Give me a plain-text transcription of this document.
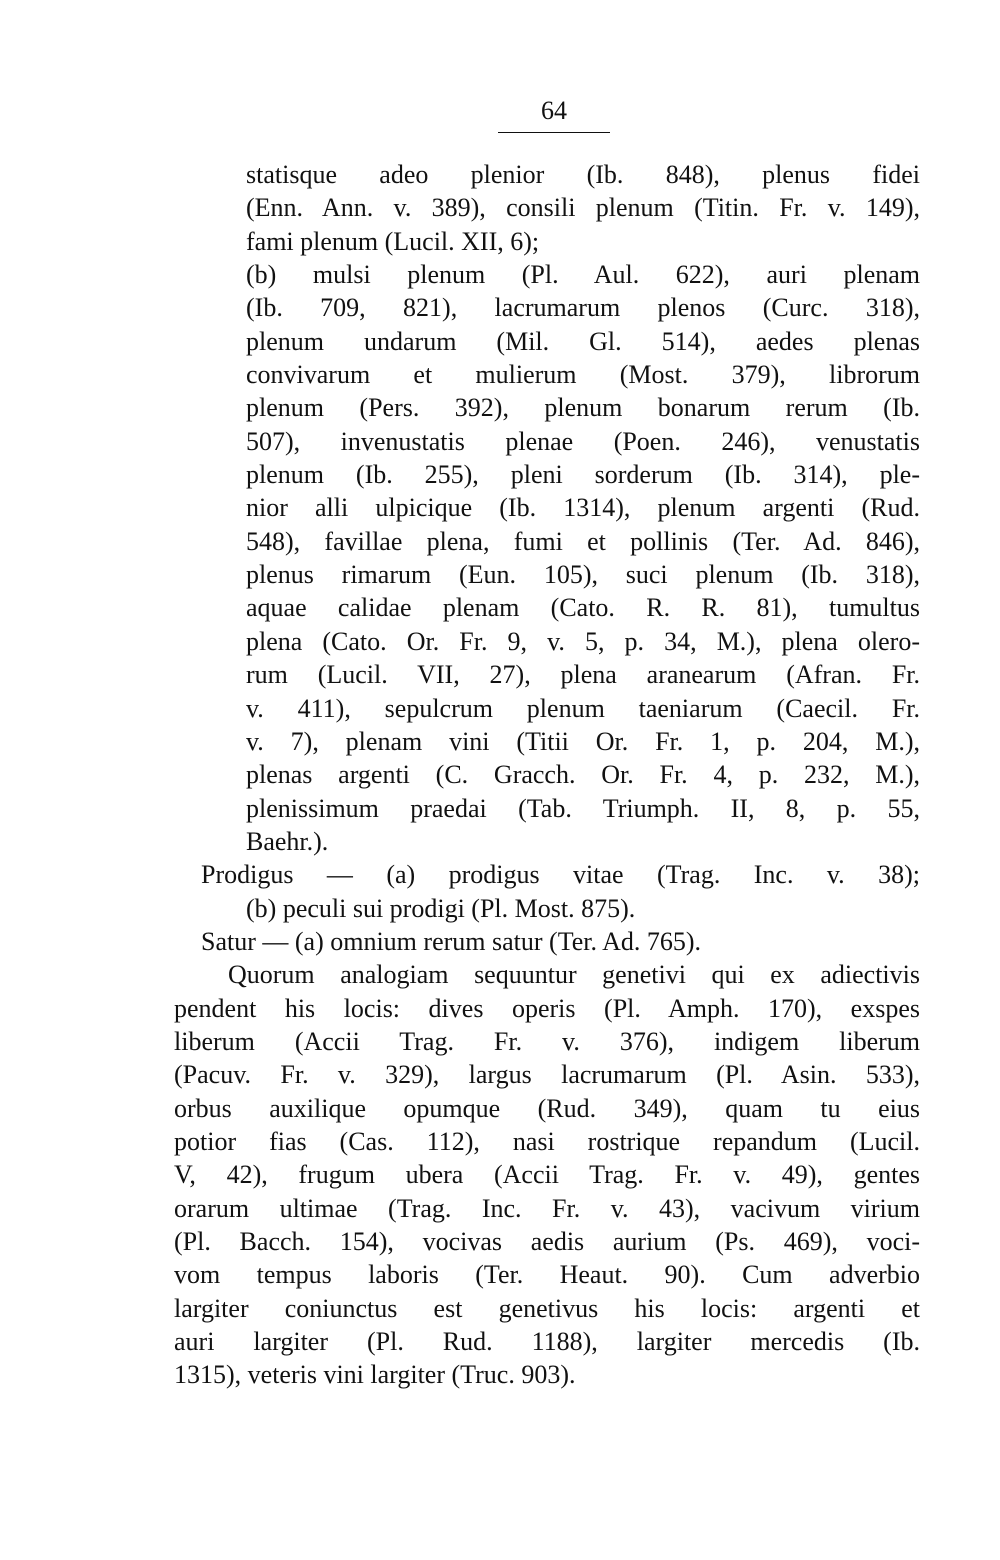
64
statisque adeo plenior (Ib. 848), plenus fidei
(Enn. Ann. v. 389), consili plenum (Titin. Fr. v. 149),
fami plenum (Lucil. XII, 6);
(b) mulsi plenum (Pl. Aul. 622), auri plenam
(Ib. 709, 821), lacrumarum plenos (Curc. 318),
plenum undarum (Mil. Gl. 514), aedes plenas
convivarum et mulierum (Most. 379), librorum
plenum (Pers. 392), plenum bonarum rerum (Ib.
507), invenustatis plenae (Poen. 246), venustatis
plenum (Ib. 255), pleni sorderum (Ib. 314), ple-
nior alli ulpicique (Ib. 1314), plenum argenti (Rud.
548), favillae plena, fumi et pollinis (Ter. Ad. 846),
plenus rimarum (Eun. 105), suci plenum (Ib. 318),
aquae calidae plenam (Cato. R. R. 81), tumultus
plena (Cato. Or. Fr. 9, v. 5, p. 34, M.), plena olero-
rum (Lucil. VII, 27), plena aranearum (Afran. Fr.
v. 411), sepulcrum plenum taeniarum (Caecil. Fr.
v. 7), plenam vini (Titii Or. Fr. 1, p. 204, M.),
plenas argenti (C. Gracch. Or. Fr. 4, p. 232, M.),
plenissimum praedai (Tab. Triumph. II, 8, p. 55,
Baehr.).
Prodigus — (a) prodigus vitae (Trag. Inc. v. 38);
(b) peculi sui prodigi (Pl. Most. 875).
Satur — (a) omnium rerum satur (Ter. Ad. 765).
Quorum analogiam sequuntur genetivi qui ex adiectivis
pendent his locis: dives operis (Pl. Amph. 170), exspes
liberum (Accii Trag. Fr. v. 376), indigem liberum
(Pacuv. Fr. v. 329), largus lacrumarum (Pl. Asin. 533),
orbus auxilique opumque (Rud. 349), quam tu eius
potior fias (Cas. 112), nasi rostrique repandum (Lucil.
V, 42), frugum ubera (Accii Trag. Fr. v. 49), gentes
orarum ultimae (Trag. Inc. Fr. v. 43), vacivum virium
(Pl. Bacch. 154), vocivas aedis aurium (Ps. 469), voci-
vom tempus laboris (Ter. Heaut. 90). Cum adverbio
largiter coniunctus est genetivus his locis: argenti et
auri largiter (Pl. Rud. 1188), largiter mercedis (Ib.
1315), veteris vini largiter (Truc. 903).
